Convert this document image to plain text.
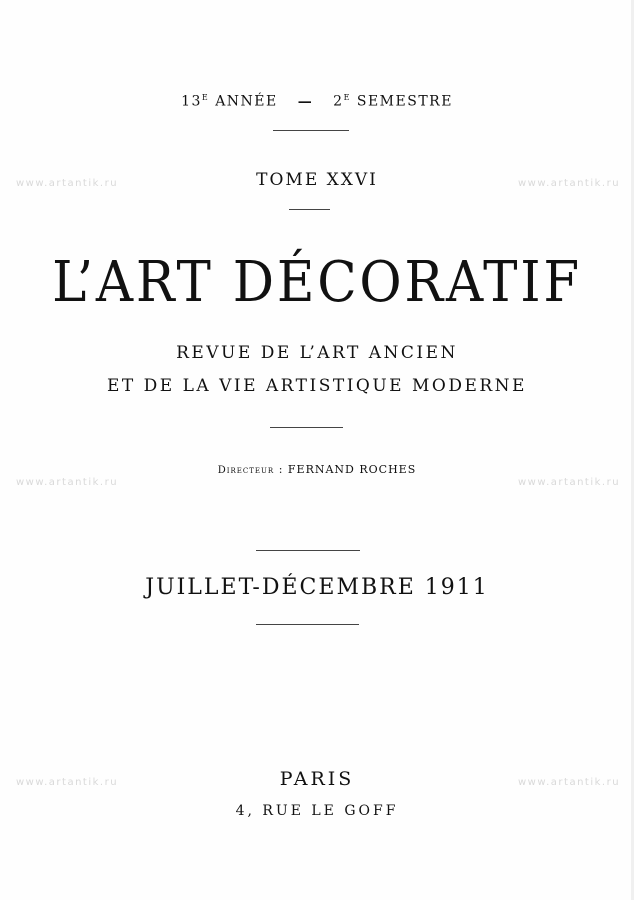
www.artantik.ru	www.artantik.ru
www.artantik.ru	www.artantik.ru
www.artantik.ru	www.artantik.ru
$13^E$ ANNÉE — $2^E$ SEMESTRE
TOME XXVI
L’ART DÉCORATIF
REVUE DE L’ART ANCIEN
ET DE LA VIE ARTISTIQUE MODERNE
Directeur : FERNAND ROCHES
JUILLET-DÉCEMBRE 1911
PARIS
4, RUE LE GOFF
